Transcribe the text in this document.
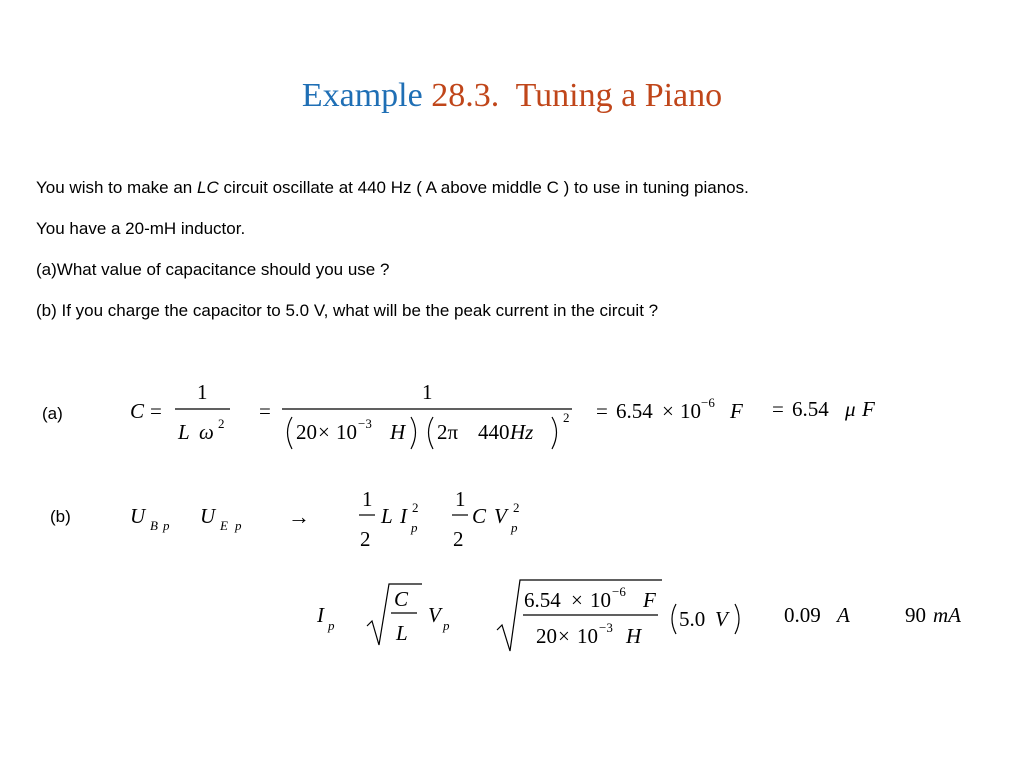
Example 28.3. Tuning a Piano
You wish to make an LC circuit oscillate at 440 Hz ( A above middle C ) to use in tuning pianos.
You have a 20-mH inductor.
(a)What value of capacitance should you use ?
(b) If you charge the capacitor to 5.0 V, what will be the peak current in the circuit ?
(a)
(b)
C =
1
L ω 2
=
1
20 × 10 −3 H 2π 440 Hz
2 = 6.54 × 10 −6 F = 6.54 μ F
U B p U E p →
1
2
L I 2
p
1
2
C V 2
p
I p
C
L
V p
6.54 × 10 −6 F
20 × 10 −3 H
5.0 V	0.09 A	90 mA
